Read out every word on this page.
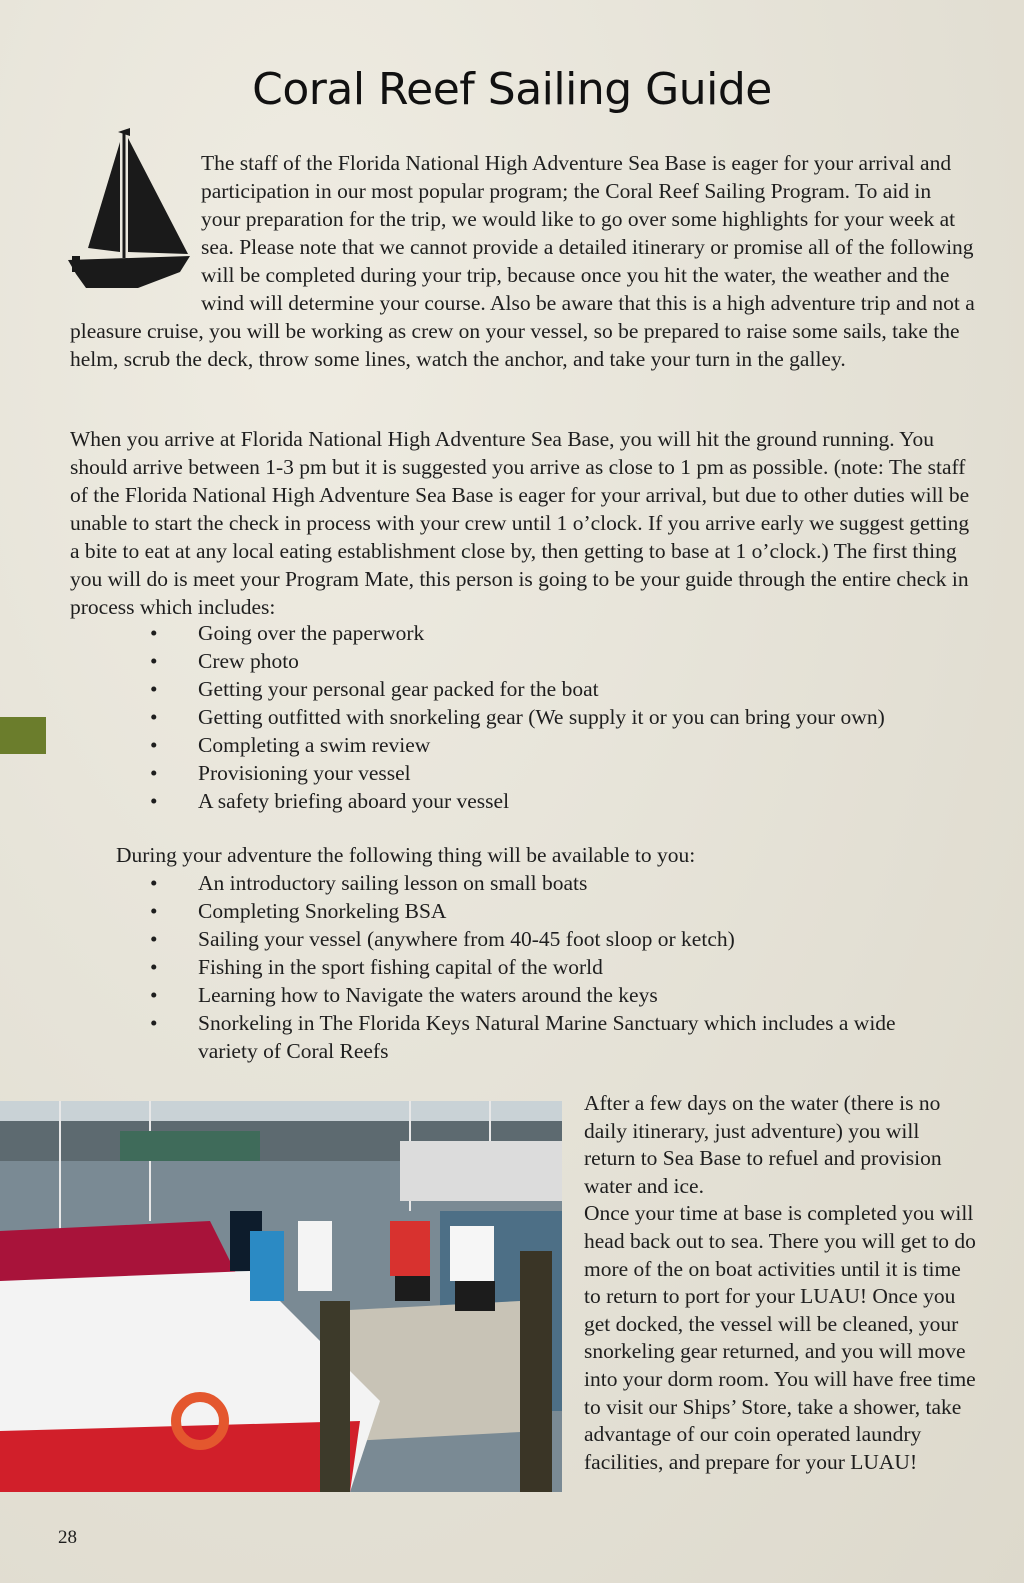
Coral Reef Sailing Guide

The staff of the Florida National High Adventure Sea Base is eager for your arrival and participation in our most popular program; the Coral Reef Sailing Program. To aid in your preparation for the trip, we would like to go over some highlights for your week at sea. Please note that we cannot provide a detailed itinerary or promise all of the following will be completed during your trip, because once you hit the water, the weather and the wind will determine your course. Also be aware that this is a high adventure trip and not a pleasure cruise, you will be working as crew on your vessel, so be prepared to raise some sails, take the helm, scrub the deck, throw some lines, watch the anchor, and take your turn in the galley.

When you arrive at Florida National High Adventure Sea Base, you will hit the ground running. You should arrive between 1-3 pm but it is suggested you arrive as close to 1 pm as possible. (note: The staff of the Florida National High Adventure Sea Base is eager for your arrival, but due to other duties will be unable to start the check in process with your crew until 1 o’clock. If you arrive early we suggest getting a bite to eat at any local eating establishment close by, then getting to base at 1 o’clock.) The first thing you will do is meet your Program Mate, this person is going to be your guide through the entire check in process which includes:

• Going over the paperwork
• Crew photo
• Getting your personal gear packed for the boat
• Getting outfitted with snorkeling gear (We supply it or you can bring your own)
• Completing a swim review
• Provisioning your vessel
• A safety briefing aboard your vessel

During your adventure the following thing will be available to you:

• An introductory sailing lesson on small boats
• Completing Snorkeling BSA
• Sailing your vessel (anywhere from 40-45 foot sloop or ketch)
• Fishing in the sport fishing capital of the world
• Learning how to Navigate the waters around the keys
• Snorkeling in The Florida Keys Natural Marine Sanctuary which includes a wide variety of Coral Reefs

After a few days on the water (there is no daily itinerary, just adventure) you will return to Sea Base to refuel and provision water and ice.

Once your time at base is completed you will head back out to sea. There you will get to do more of the on boat activities until it is time to return to port for your LUAU! Once you get docked, the vessel will be cleaned, your snorkeling gear returned, and you will move into your dorm room. You will have free time to visit our Ships’ Store, take a shower, take advantage of our coin operated laundry facilities, and prepare for your LUAU!

28
